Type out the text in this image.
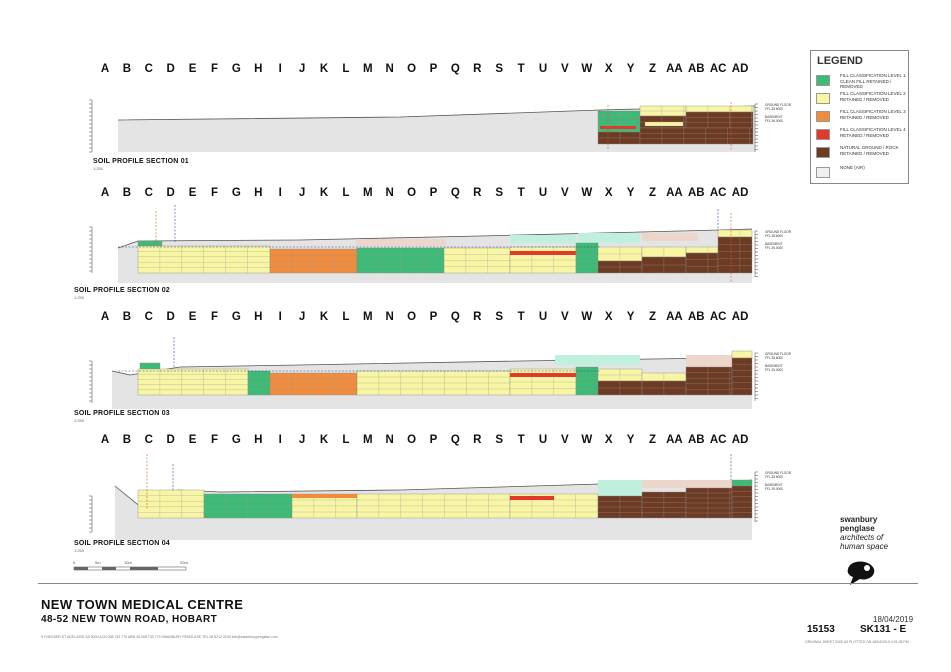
A	B	C	D	E	F	G	H	I	J	K	L	M	N	O	P	Q	R	S	T	U	V	W	X	Y	Z AA AB AC AD
GROUND FLOOR
FFL 38.6000
BASEMENT
FFL 36.0000
SOIL PROFILE SECTION 01
1:250
A	B	C	D	E	F	G	H	I	J	K	L	M	N	O	P	Q	R	S	T	U	V	W	X	Y	Z AA AB AC AD
GROUND FLOOR
FFL 38.6000
BASEMENT
FFL 35.0000
SOIL PROFILE SECTION 02
1:250
A	B	C	D	E	F	G	H	I	J	K	L	M	N	O	P	Q	R	S	T	U	V	W	X	Y	Z AA AB AC AD
GROUND FLOOR
FFL 38.6000
BASEMENT
FFL 35.0000
SOIL PROFILE SECTION 03
1:250
A	B	C	D	E	F	G	H	I	J	K	L	M	N	O	P	Q	R	S	T	U	V	W	X	Y	Z AA AB AC AD
GROUND FLOOR
FFL 38.6000
BASEMENT
FFL 35.0000
SOIL PROFILE SECTION 04
1:250
LEGEND
FILL CLASSIFICATION LEVEL 1 CLEAN FILL RETAINED / REMOVED
FILL CLASSIFICATION LEVEL 2 RETAINED / REMOVED
FILL CLASSIFICATION LEVEL 3 RETAINED / REMOVED
FILL CLASSIFICATION LEVEL 4 RETAINED / REMOVED
NATURAL GROUND / ROCK RETAINED / REMOVED
NONE (AIR)
0	5m	10m	20m
swanbury
penglase
architects of
human space
NEW TOWN MEDICAL CENTRE
48-52 NEW TOWN ROAD, HOBART
9 CHESSER ST ADELAIDE SA 5000 ACN 008 733 779 ABN 26 008 733 779 SWANBURY PENGLASE TEL 08 8212 2100 info@swanburypenglase.com
18/04/2019
15153	SK131 - E
ORIGINAL SHEET SIZE A3 PLOTTED ON 18/04/2019 3:01:28 PM
